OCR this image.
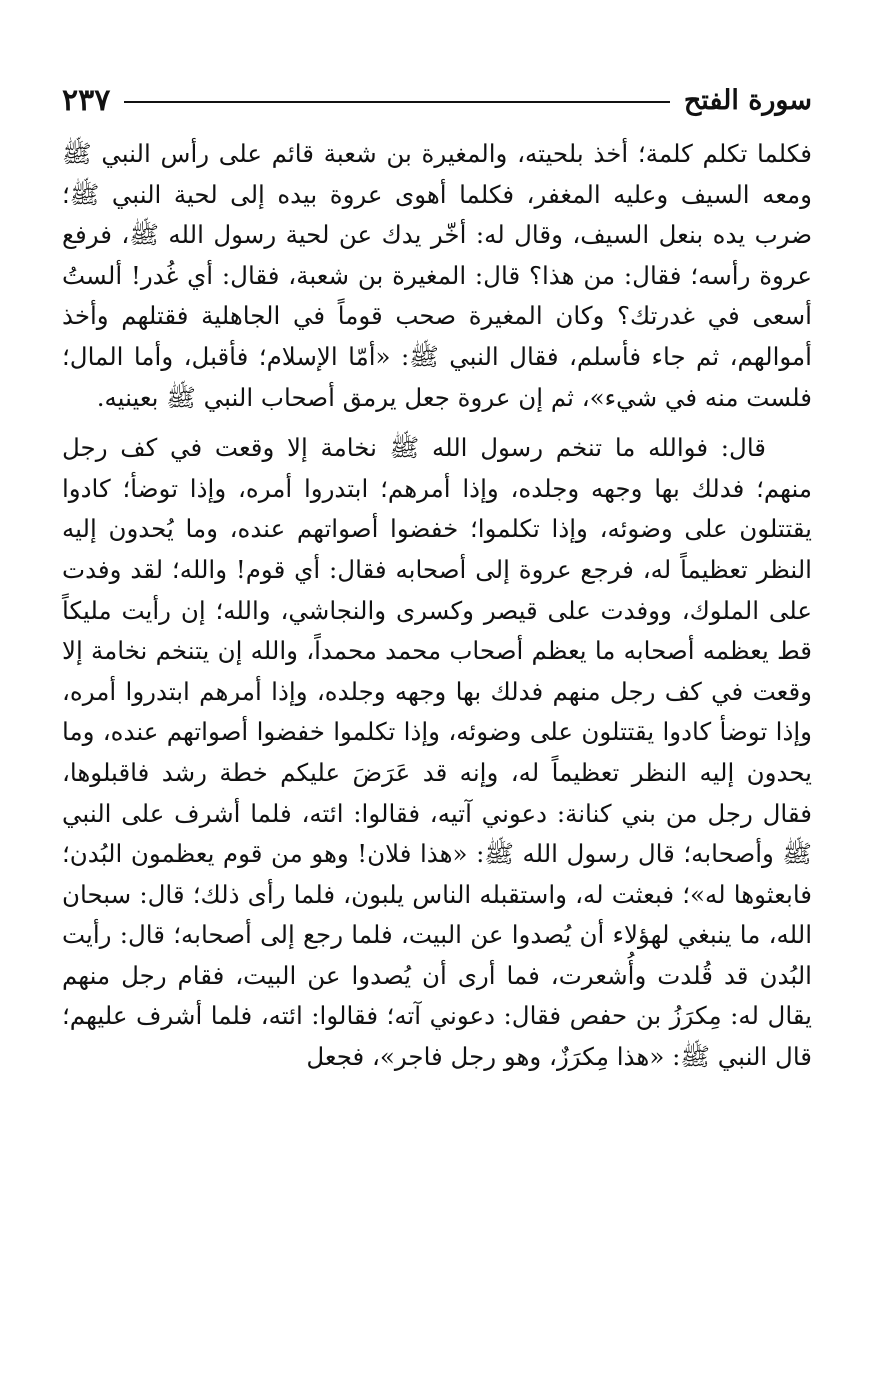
سورة الفتح
٢٣٧

فكلما تكلم كلمة؛ أخذ بلحيته، والمغيرة بن شعبة قائم على رأس النبي ﷺ ومعه السيف وعليه المغفر، فكلما أهوى عروة بيده إلى لحية النبي ﷺ؛ ضرب يده بنعل السيف، وقال له: أخّر يدك عن لحية رسول الله ﷺ، فرفع عروة رأسه؛ فقال: من هذا؟ قال: المغيرة بن شعبة، فقال: أي غُدر! ألستُ أسعى في غدرتك؟ وكان المغيرة صحب قوماً في الجاهلية فقتلهم وأخذ أموالهم، ثم جاء فأسلم، فقال النبي ﷺ: «أمّا الإسلام؛ فأقبل، وأما المال؛ فلست منه في شيء»، ثم إن عروة جعل يرمق أصحاب النبي ﷺ بعينيه.

قال: فوالله ما تنخم رسول الله ﷺ نخامة إلا وقعت في كف رجل منهم؛ فدلك بها وجهه وجلده، وإذا أمرهم؛ ابتدروا أمره، وإذا توضأ؛ كادوا يقتتلون على وضوئه، وإذا تكلموا؛ خفضوا أصواتهم عنده، وما يُحدون إليه النظر تعظيماً له، فرجع عروة إلى أصحابه فقال: أي قوم! والله؛ لقد وفدت على الملوك، ووفدت على قيصر وكسرى والنجاشي، والله؛ إن رأيت مليكاً قط يعظمه أصحابه ما يعظم أصحاب محمد محمداً، والله إن يتنخم نخامة إلا وقعت في كف رجل منهم فدلك بها وجهه وجلده، وإذا أمرهم ابتدروا أمره، وإذا توضأ كادوا يقتتلون على وضوئه، وإذا تكلموا خفضوا أصواتهم عنده، وما يحدون إليه النظر تعظيماً له، وإنه قد عَرَضَ عليكم خطة رشد فاقبلوها، فقال رجل من بني كنانة: دعوني آتيه، فقالوا: ائته، فلما أشرف على النبي ﷺ وأصحابه؛ قال رسول الله ﷺ: «هذا فلان! وهو من قوم يعظمون البُدن؛ فابعثوها له»؛ فبعثت له، واستقبله الناس يلبون، فلما رأى ذلك؛ قال: سبحان الله، ما ينبغي لهؤلاء أن يُصدوا عن البيت، فلما رجع إلى أصحابه؛ قال: رأيت البُدن قد قُلدت وأُشعرت، فما أرى أن يُصدوا عن البيت، فقام رجل منهم يقال له: مِكرَزُ بن حفص فقال: دعوني آته؛ فقالوا: ائته، فلما أشرف عليهم؛ قال النبي ﷺ: «هذا مِكرَزٌ، وهو رجل فاجر»، فجعل
